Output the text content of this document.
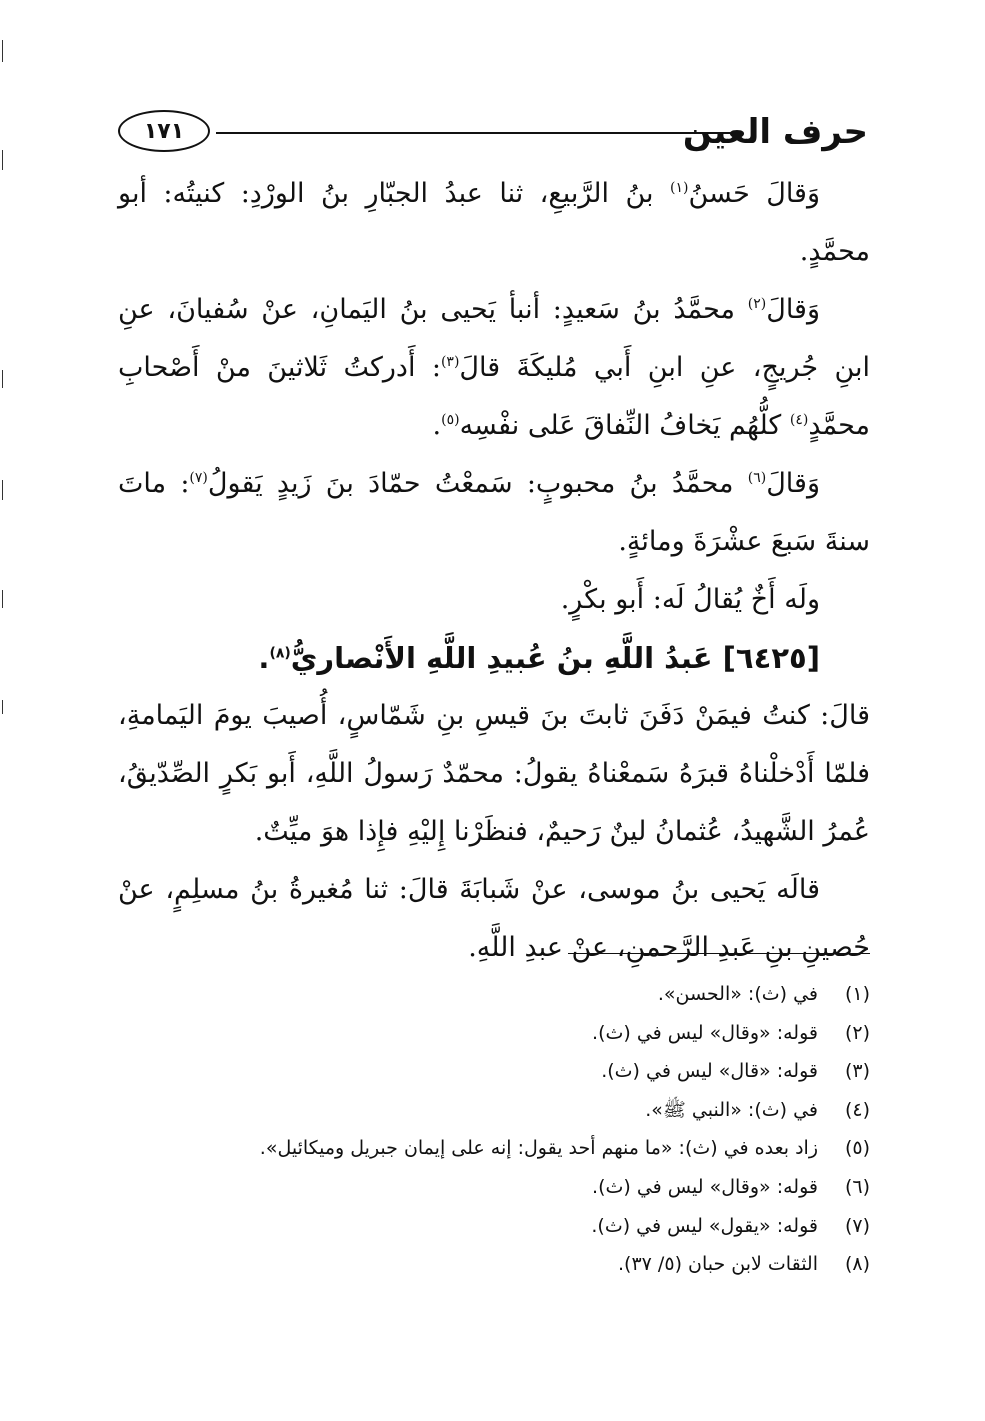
حرف العين
١٧١

وَقالَ حَسنُ$^{(١)}$ بنُ الرَّبيعِ، ثنا عبدُ الجبّارِ بنُ الورْدِ: كنيتُه: أبو محمَّدٍ.

وَقالَ$^{(٢)}$ محمَّدُ بنُ سَعيدٍ: أنبأ يَحيى بنُ اليَمانِ، عنْ سُفيانَ، عنِ ابنِ جُريجٍ، عنِ ابنِ أَبي مُليكَةَ قالَ$^{(٣)}$: أَدركتُ ثَلاثينَ منْ أَصْحابِ محمَّدٍ$^{(٤)}$ كلُّهُم يَخافُ النِّفاقَ عَلى نفْسِه$^{(٥)}$.

وَقالَ$^{(٦)}$ محمَّدُ بنُ محبوبٍ: سَمعْتُ حمّادَ بنَ زَيدٍ يَقولُ$^{(٧)}$: ماتَ سنةَ سَبعَ عشْرَةَ ومائةٍ.

ولَه أَخٌ يُقالُ لَه: أَبو بكْرٍ.

[٦٤٢٥] عَبدُ اللَّهِ بنُ عُبيدِ اللَّهِ الأَنْصاريُّ$^{(٨)}$.

قالَ: كنتُ فيمَنْ دَفَنَ ثابتَ بنَ قيسِ بنِ شَمّاسٍ، أُصيبَ يومَ اليَمامةِ، فلمّا أَدْخلْناهُ قبرَهُ سَمعْناهُ يقولُ: محمّدٌ رَسولُ اللَّهِ، أَبو بَكرٍ الصِّدّيقُ، عُمرُ الشَّهيدُ، عُثمانُ لينٌ رَحيمٌ، فنظَرْنا إِليْهِ فإِذا هوَ ميِّتٌ.

قالَه يَحيى بنُ موسى، عنْ شَبابَةَ قالَ: ثنا مُغيرةُ بنُ مسلِمٍ، عنْ حُصينِ بنِ عَبدِ الرَّحمنِ، عنْ عبدِ اللَّهِ.

(١)
في (ث): «الحسن».
(٢)
قوله: «وقال» ليس في (ث).
(٣)
قوله: «قال» ليس في (ث).
(٤)
في (ث): «النبي ﷺ».
(٥)
زاد بعده في (ث): «ما منهم أحد يقول: إنه على إيمان جبريل وميكائيل».
(٦)
قوله: «وقال» ليس في (ث).
(٧)
قوله: «يقول» ليس في (ث).
(٨)
الثقات لابن حبان (٥/ ٣٧).
